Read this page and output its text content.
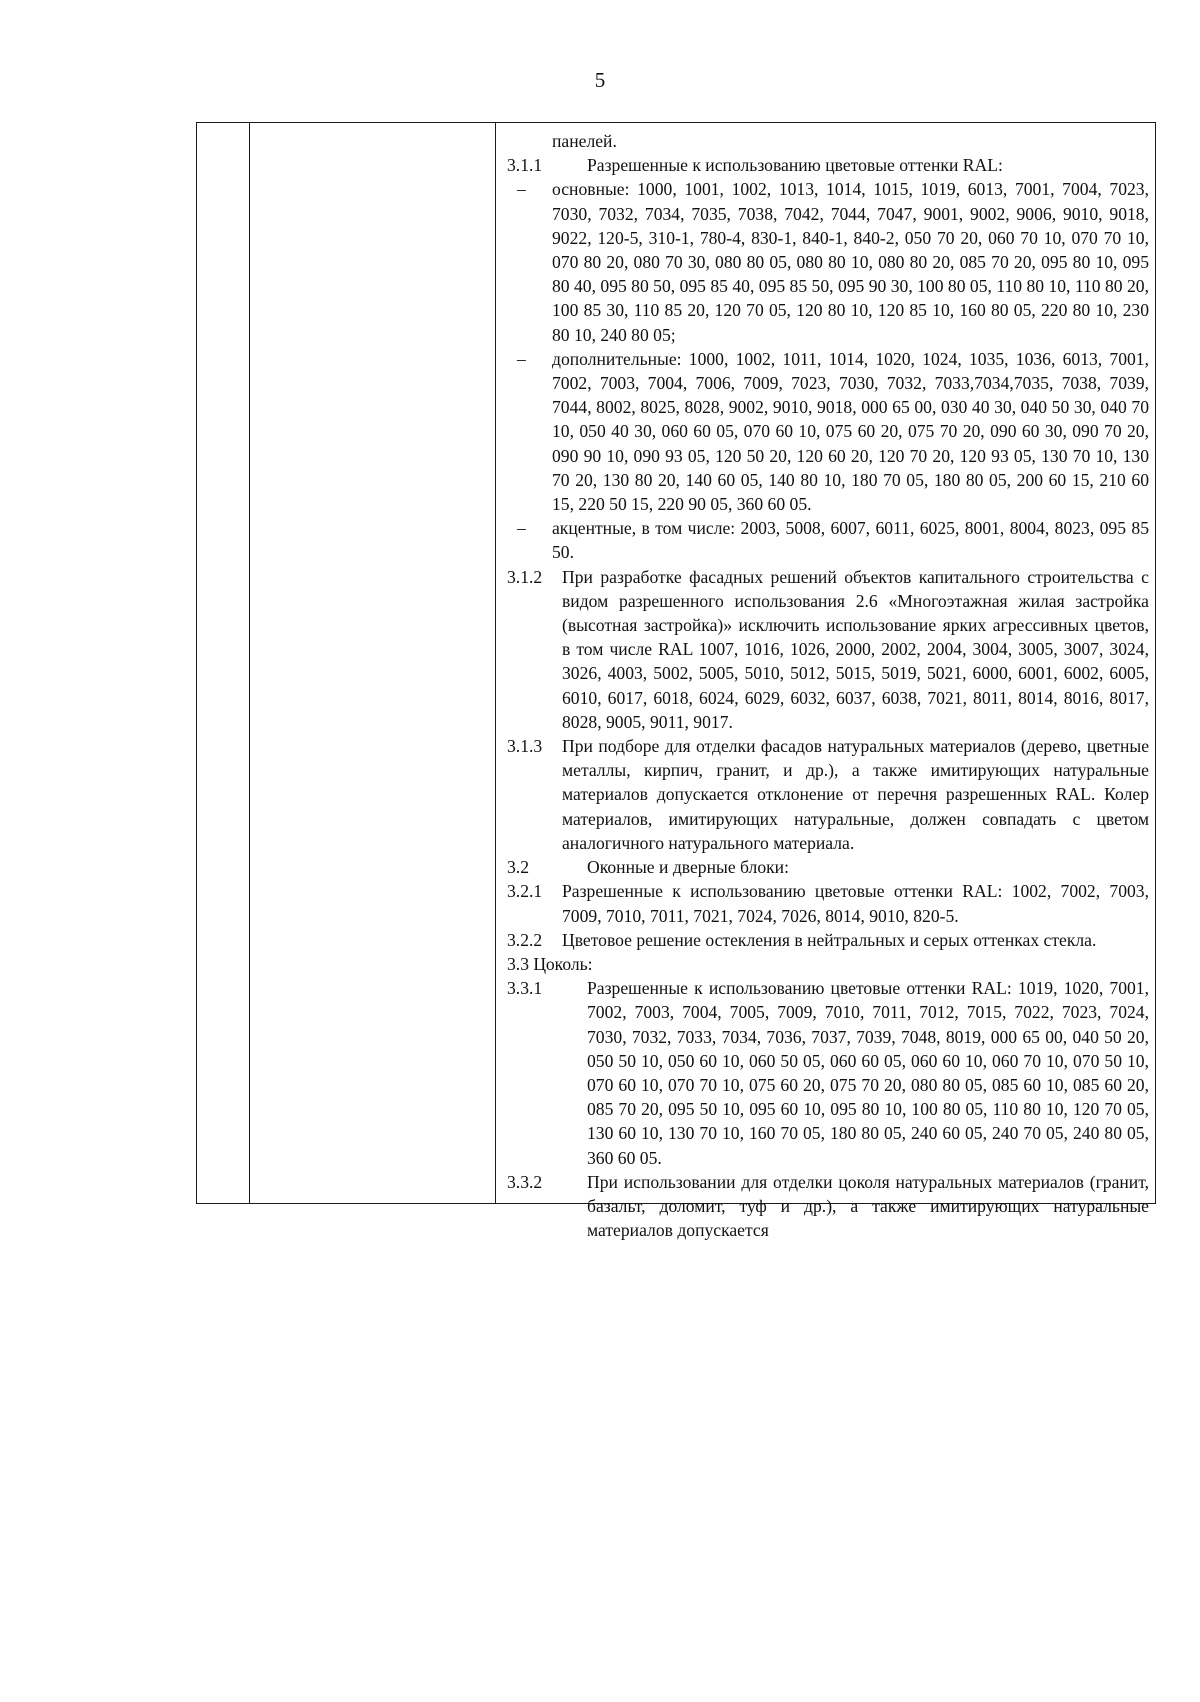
5
панелей.
3.1.1	Разрешенные к использованию цветовые оттенки RAL:
– основные: 1000, 1001, 1002, 1013, 1014, 1015, 1019, 6013, 7001, 7004, 7023, 7030, 7032, 7034, 7035, 7038, 7042, 7044, 7047, 9001, 9002, 9006, 9010, 9018, 9022, 120-5, 310-1, 780-4, 830-1, 840-1, 840-2, 050 70 20, 060 70 10, 070 70 10, 070 80 20, 080 70 30, 080 80 05, 080 80 10, 080 80 20, 085 70 20, 095 80 10, 095 80 40, 095 80 50, 095 85 40, 095 85 50, 095 90 30, 100 80 05, 110 80 10, 110 80 20, 100 85 30, 110 85 20, 120 70 05, 120 80 10, 120 85 10, 160 80 05, 220 80 10, 230 80 10, 240 80 05;
– дополнительные: 1000, 1002, 1011, 1014, 1020, 1024, 1035, 1036, 6013, 7001, 7002, 7003, 7004, 7006, 7009, 7023, 7030, 7032, 7033,7034,7035, 7038, 7039, 7044, 8002, 8025, 8028, 9002, 9010, 9018, 000 65 00, 030 40 30, 040 50 30, 040 70 10, 050 40 30, 060 60 05, 070 60 10, 075 60 20, 075 70 20, 090 60 30, 090 70 20, 090 90 10, 090 93 05, 120 50 20, 120 60 20, 120 70 20, 120 93 05, 130 70 10, 130 70 20, 130 80 20, 140 60 05, 140 80 10, 180 70 05, 180 80 05, 200 60 15, 210 60 15, 220 50 15, 220 90 05, 360 60 05.
– акцентные, в том числе: 2003, 5008, 6007, 6011, 6025, 8001, 8004, 8023, 095 85 50.
3.1.2 При разработке фасадных решений объектов капитального строительства с видом разрешенного использования 2.6 «Многоэтажная жилая застройка (высотная застройка)» исключить использование ярких агрессивных цветов, в том числе RAL 1007, 1016, 1026, 2000, 2002, 2004, 3004, 3005, 3007, 3024, 3026, 4003, 5002, 5005, 5010, 5012, 5015, 5019, 5021, 6000, 6001, 6002, 6005, 6010, 6017, 6018, 6024, 6029, 6032, 6037, 6038, 7021, 8011, 8014, 8016, 8017, 8028, 9005, 9011, 9017.
3.1.3 При подборе для отделки фасадов натуральных материалов (дерево, цветные металлы, кирпич, гранит, и др.), а также имитирующих натуральные материалов допускается отклонение от перечня разрешенных RAL. Колер материалов, имитирующих натуральные, должен совпадать с цветом аналогичного натурального материала.
3.2	Оконные и дверные блоки:
3.2.1 Разрешенные к использованию цветовые оттенки RAL: 1002, 7002, 7003, 7009, 7010, 7011, 7021, 7024, 7026, 8014, 9010, 820-5.
3.2.2 Цветовое решение остекления в нейтральных и серых оттенках стекла.
3.3 Цоколь:
3.3.1	Разрешенные к использованию цветовые оттенки RAL: 1019, 1020, 7001, 7002, 7003, 7004, 7005, 7009, 7010, 7011, 7012, 7015, 7022, 7023, 7024, 7030, 7032, 7033, 7034, 7036, 7037, 7039, 7048, 8019, 000 65 00, 040 50 20, 050 50 10, 050 60 10, 060 50 05, 060 60 05, 060 60 10, 060 70 10, 070 50 10, 070 60 10, 070 70 10, 075 60 20, 075 70 20, 080 80 05, 085 60 10, 085 60 20, 085 70 20, 095 50 10, 095 60 10, 095 80 10, 100 80 05, 110 80 10, 120 70 05, 130 60 10, 130 70 10, 160 70 05, 180 80 05, 240 60 05, 240 70 05, 240 80 05, 360 60 05.
3.3.2	При использовании для отделки цоколя натуральных материалов (гранит, базальт, доломит, туф и др.), а также имитирующих натуральные материалов допускается
